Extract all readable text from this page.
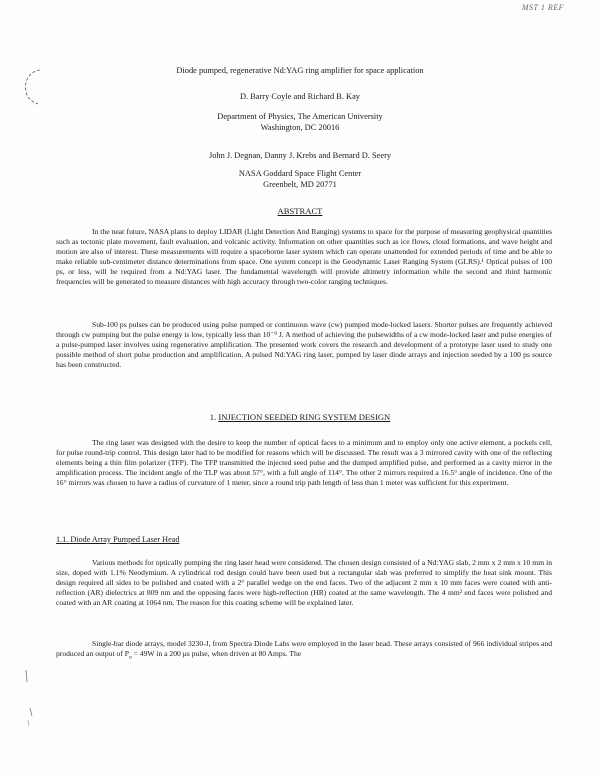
MST 1 REF
Diode pumped, regenerative Nd:YAG ring amplifier for space application
D. Barry Coyle and Richard B. Kay
Department of Physics, The American University
Washington, DC 20016
John J. Degnan, Danny J. Krebs and Bernard D. Seery
NASA Goddard Space Flight Center
Greenbelt, MD 20771
ABSTRACT

In the near future, NASA plans to deploy LIDAR (Light Detection And Ranging) systems to space for the purpose of measuring geophysical quantities such as tectonic plate movement, fault evaluation, and volcanic activity. Information on other quantities such as ice flows, cloud formations, and wave height and motion are also of interest. These measurements will require a spaceborne laser system which can operate unattended for extended periods of time and be able to make reliable sub-centimeter distance determinations from space. One system concept is the Geodynamic Laser Ranging System (GLRS).¹ Optical pulses of 100 ps, or less, will be required from a Nd:YAG laser. The fundamental wavelength will provide altimetry information while the second and third harmonic frequencies will be generated to measure distances with high accuracy through two-color ranging techniques.

Sub-100 ps pulses can be produced using pulse pumped or continuous wave (cw) pumped mode-locked lasers. Shorter pulses are frequently achieved through cw pumping but the pulse energy is low, typically less than 10⁻⁹ J. A method of achieving the pulsewidths of a cw mode-locked laser and pulse energies of a pulse-pumped laser involves using regenerative amplification. The presented work covers the research and development of a prototype laser used to study one possible method of short pulse production and amplification. A pulsed Nd:YAG ring laser, pumped by laser diode arrays and injection seeded by a 100 ps source has been constructed.

1. INJECTION SEEDED RING SYSTEM DESIGN

The ring laser was designed with the desire to keep the number of optical faces to a minimum and to employ only one active element, a pockels cell, for pulse round-trip control. This design later had to be modified for reasons which will be discussed. The result was a 3 mirrored cavity with one of the reflecting elements being a thin film polarizer (TFP). The TFP transmitted the injected seed pulse and the dumped amplified pulse, and performed as a cavity mirror in the amplification process. The incident angle of the TLP was about 57°, with a full angle of 114°. The other 2 mirrors required a 16.5° angle of incidence. One of the 16° mirrors was chosen to have a radius of curvature of 1 meter, since a round trip path length of less than 1 meter was sufficient for this experiment.

1.1. Diode Array Pumped Laser Head

Various methods for optically pumping the ring laser head were considered. The chosen design consisted of a Nd:YAG slab, 2 mm x 2 mm x 10 mm in size, doped with 1.1% Neodymium. A cylindrical rod design could have been used but a rectangular slab was preferred to simplify the heat sink mount. This design required all sides to be polished and coated with a 2° parallel wedge on the end faces. Two of the adjacent 2 mm x 10 mm faces were coated with anti-reflection (AR) dielectrics at 809 nm and the opposing faces were high-reflection (HR) coated at the same wavelength. The 4 mm² end faces were polished and coated with an AR coating at 1064 nm. The reason for this coating scheme will be explained later.

Single-bar diode arrays, model 3230-J, from Spectra Diode Labs were employed in the laser head. These arrays consisted of 966 individual stripes and produced an output of $P_o = 49W$ in a 200 μs pulse, when driven at 80 Amps. The
